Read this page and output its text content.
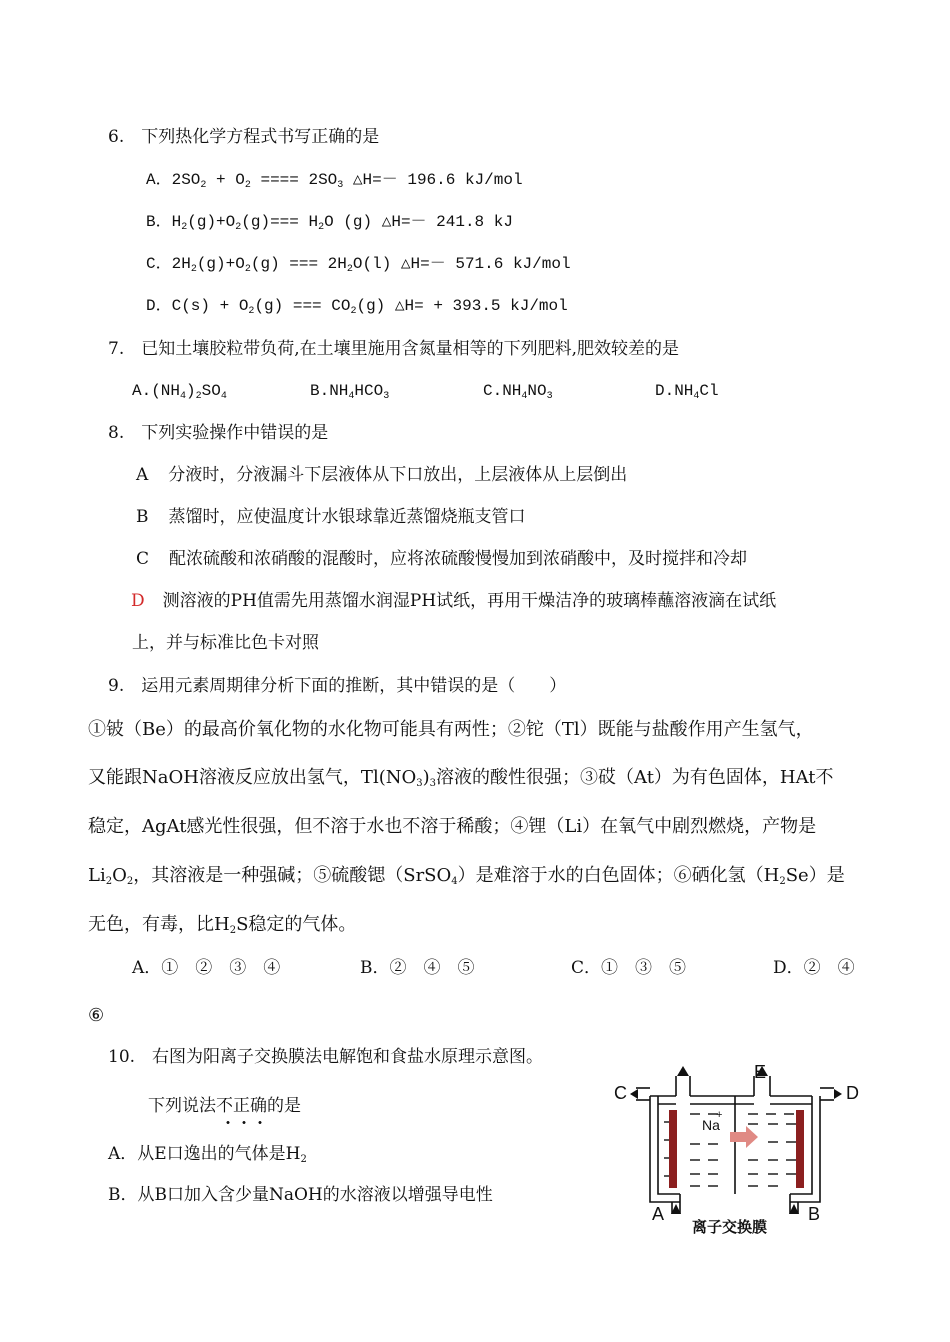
6.　下列热化学方程式书写正确的是
A．$2SO_2 + O_2$ ==== $2SO_3$ △H=－ 196.6 kJ/mol
B．$H_2(g)+O_2(g)=== H_2O$ (g) △H=－ 241.8 kJ
C．$2H_2(g)+O_2(g)$ === $2H_2O(l)$ △H=－ 571.6 kJ/mol
D．$C(s) + O_2(g)$ === $CO_2(g)$ △H= + 393.5 kJ/mol
7.　已知土壤胶粒带负荷,在土壤里施用含氮量相等的下列肥料,肥效较差的是
$A.(NH_4)_2SO_4$	$B.NH_4HCO_3$	$C.NH_4NO_3$	$D.NH_4Cl$
8.　下列实验操作中错误的是
A 分液时，分液漏斗下层液体从下口放出，上层液体从上层倒出
B 蒸馏时，应使温度计水银球靠近蒸馏烧瓶支管口
C 配浓硫酸和浓硝酸的混酸时，应将浓硫酸慢慢加到浓硝酸中，及时搅拌和冷却
D 测溶液的PH值需先用蒸馏水润湿PH试纸，再用干燥洁净的玻璃棒蘸溶液滴在试纸
上，并与标准比色卡对照
9.　运用元素周期律分析下面的推断，其中错误的是（　　）
①铍（Be）的最高价氧化物的水化物可能具有两性；②铊（Tl）既能与盐酸作用产生氢气，
又能跟NaOH溶液反应放出氢气，$Tl(NO_3)_3$溶液的酸性很强；③砹（At）为有色固体，HAt不
稳定，AgAt感光性很强，但不溶于水也不溶于稀酸；④锂（Li）在氧气中剧烈燃烧，产物是
$Li_2O_2$，其溶液是一种强碱；⑤硫酸锶（SrSO$_4$）是难溶于水的白色固体；⑥硒化氢$(H_2Se)$是
无色，有毒，比$H_2S$稳定的气体。
A．①　②　③　④	B．②　④　⑤	C．①　③　⑤	D．②　④
⑥
10.　右图为阳离子交换膜法电解饱和食盐水原理示意图。
下列说法不正确的是
A．从E口逸出的气体是$H_2$
B．从B口加入含少量NaOH的水溶液以增强导电性
C	D
E
A	B
Na
+
离子交换膜
